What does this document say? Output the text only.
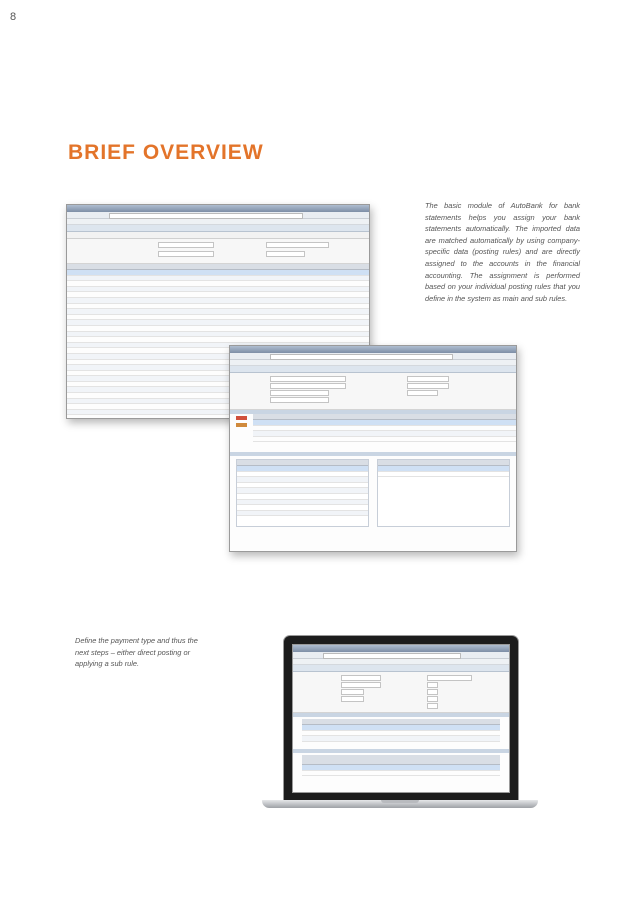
8
BRIEF OVERVIEW

The basic module of AutoBank for bank statements helps you assign your bank statements automatically. The imported data are matched automatically by using company-specific data (posting rules) and are directly assigned to the accounts in the financial accounting. The assignment is performed based on your individual posting rules that you define in the system as main and sub rules.

Define the payment type and thus the next steps – either direct posting or applying a sub rule.
